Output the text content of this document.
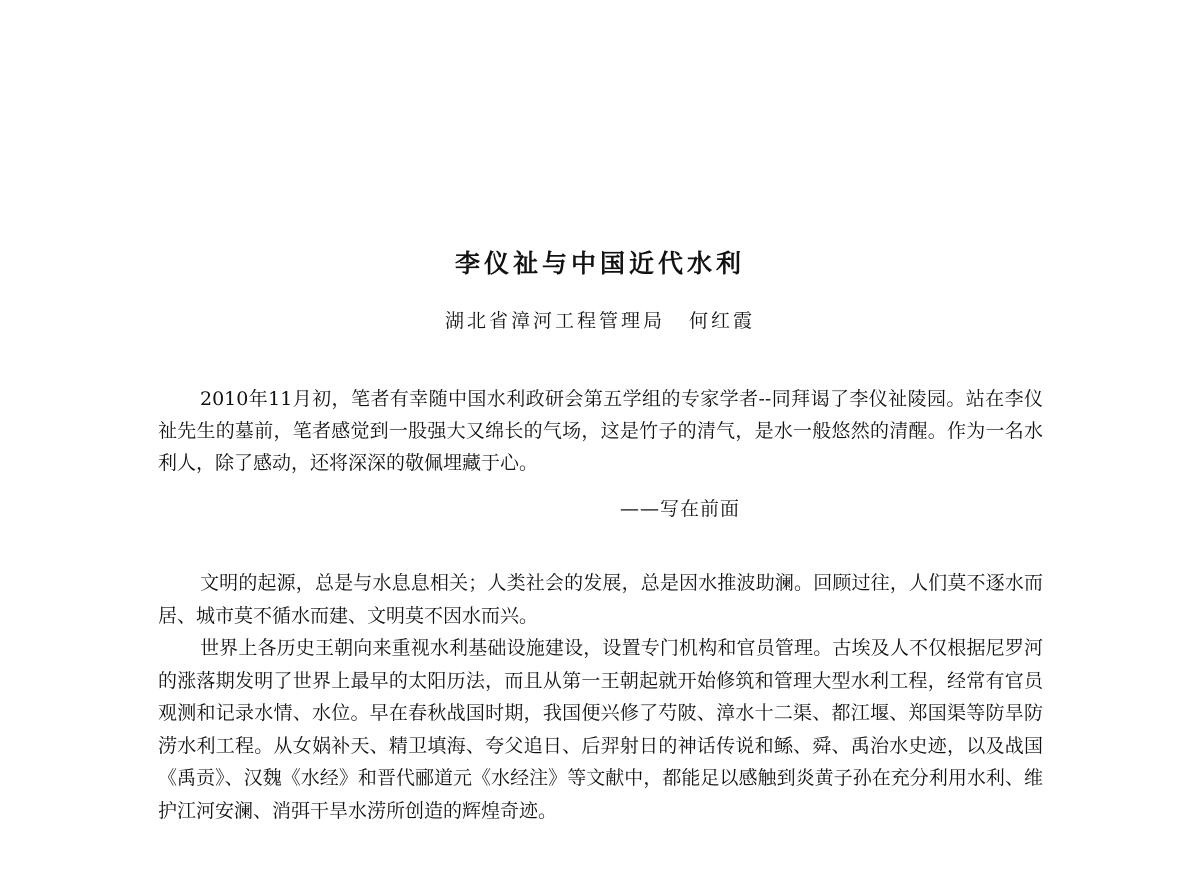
李仪祉与中国近代水利
湖北省漳河工程管理局 何红霞

2010年11月初，笔者有幸随中国水利政研会第五学组的专家学者--同拜谒了李仪祉陵园。站在李仪祉先生的墓前，笔者感觉到一股强大又绵长的气场，这是竹子的清气，是水一般悠然的清醒。作为一名水利人，除了感动，还将深深的敬佩埋藏于心。

——写在前面

文明的起源，总是与水息息相关；人类社会的发展，总是因水推波助澜。回顾过往，人们莫不逐水而居、城市莫不循水而建、文明莫不因水而兴。

世界上各历史王朝向来重视水利基础设施建设，设置专门机构和官员管理。古埃及人不仅根据尼罗河的涨落期发明了世界上最早的太阳历法，而且从第一王朝起就开始修筑和管理大型水利工程，经常有官员观测和记录水情、水位。早在春秋战国时期，我国便兴修了芍陂、漳水十二渠、都江堰、郑国渠等防旱防涝水利工程。从女娲补天、精卫填海、夸父追日、后羿射日的神话传说和鲧、舜、禹治水史迹，以及战国《禹贡》、汉魏《水经》和晋代郦道元《水经注》等文献中，都能足以感触到炎黄子孙在充分利用水利、维护江河安澜、消弭干旱水涝所创造的辉煌奇迹。
